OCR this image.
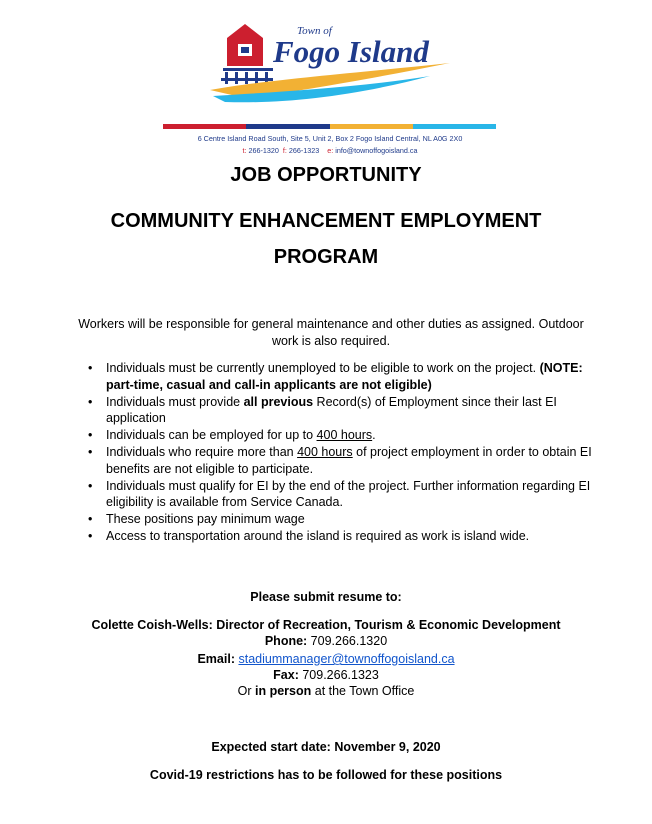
Town of
Fogo Island
6 Centre Island Road South, Site 5, Unit 2, Box 2 Fogo Island Central, NL A0G 2X0
t: 266-1320 f: 266-1323 e: info@townoffogoisland.ca
JOB OPPORTUNITY
COMMUNITY ENHANCEMENT EMPLOYMENT
PROGRAM
Workers will be responsible for general maintenance and other duties as assigned. Outdoor work is also required.
• Individuals must be currently unemployed to be eligible to work on the project. (NOTE: part-time, casual and call-in applicants are not eligible)
• Individuals must provide all previous Record(s) of Employment since their last EI application
• Individuals can be employed for up to 400 hours.
• Individuals who require more than 400 hours of project employment in order to obtain EI benefits are not eligible to participate.
• Individuals must qualify for EI by the end of the project. Further information regarding EI eligibility is available from Service Canada.
• These positions pay minimum wage
• Access to transportation around the island is required as work is island wide.
Please submit resume to:
Colette Coish-Wells: Director of Recreation, Tourism & Economic Development
Phone: 709.266.1320
Email: stadiummanager@townoffogoisland.ca
Fax: 709.266.1323
Or in person at the Town Office
Expected start date: November 9, 2020
Covid-19 restrictions has to be followed for these positions
